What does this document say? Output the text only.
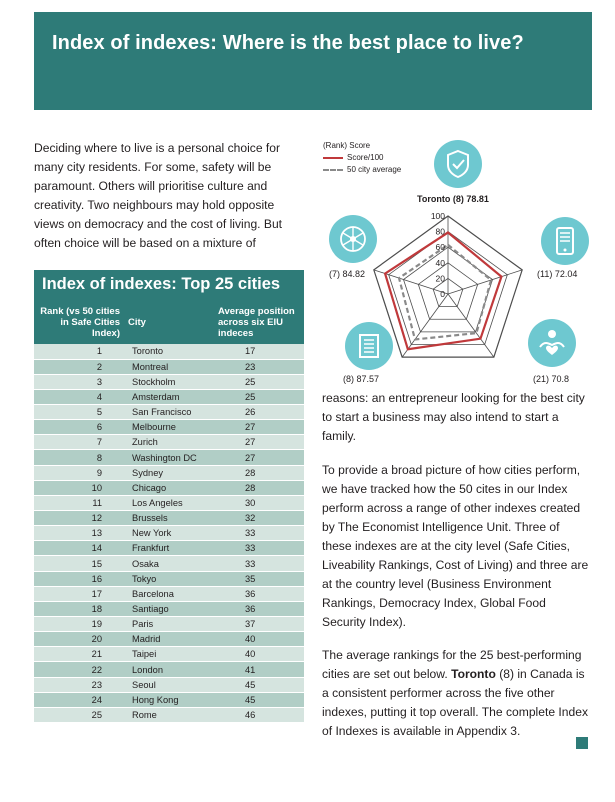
Index of indexes: Where is the best place to live?

Deciding where to live is a personal choice for many city residents. For some, safety will be paramount. Others will prioritise culture and creativity. Two neighbours may hold opposite views on democracy and the cost of living. But often choice will be based on a mixture of

Index of indexes: Top 25 cities
Rank (vs 50 cities in Safe Cities Index)	City	Average position across six EIU indeces
1	Toronto	17
2	Montreal	23
3	Stockholm	25
4	Amsterdam	25
5	San Francisco	26
6	Melbourne	27
7	Zurich	27
8	Washington DC	27
9	Sydney	28
10	Chicago	28
11	Los Angeles	30
12	Brussels	32
13	New York	33
14	Frankfurt	33
15	Osaka	33
16	Tokyo	35
17	Barcelona	36
18	Santiago	36
19	Paris	37
20	Madrid	40
21	Taipei	40
22	London	41
23	Seoul	45
24	Hong Kong	45
25	Rome	46
(Rank) Score
Score/100
50 city average
0
20
40
60
80
100
Toronto (8) 78.81
(11) 72.04
(21) 70.8
(8) 87.57
(7) 84.82

reasons: an entrepreneur looking for the best city to start a business may also intend to start a family.

To provide a broad picture of how cities perform, we have tracked how the 50 cites in our Index perform across a range of other indexes created by The Economist Intelligence Unit. Three of these indexes are at the city level (Safe Cities, Liveability Rankings, Cost of Living) and three are at the country level (Business Environment Rankings, Democracy Index, Global Food Security Index).

The average rankings for the 25 best-performing cities are set out below. Toronto (8) in Canada is a consistent performer across the five other indexes, putting it top overall. The complete Index of Indexes is available in Appendix 3.
